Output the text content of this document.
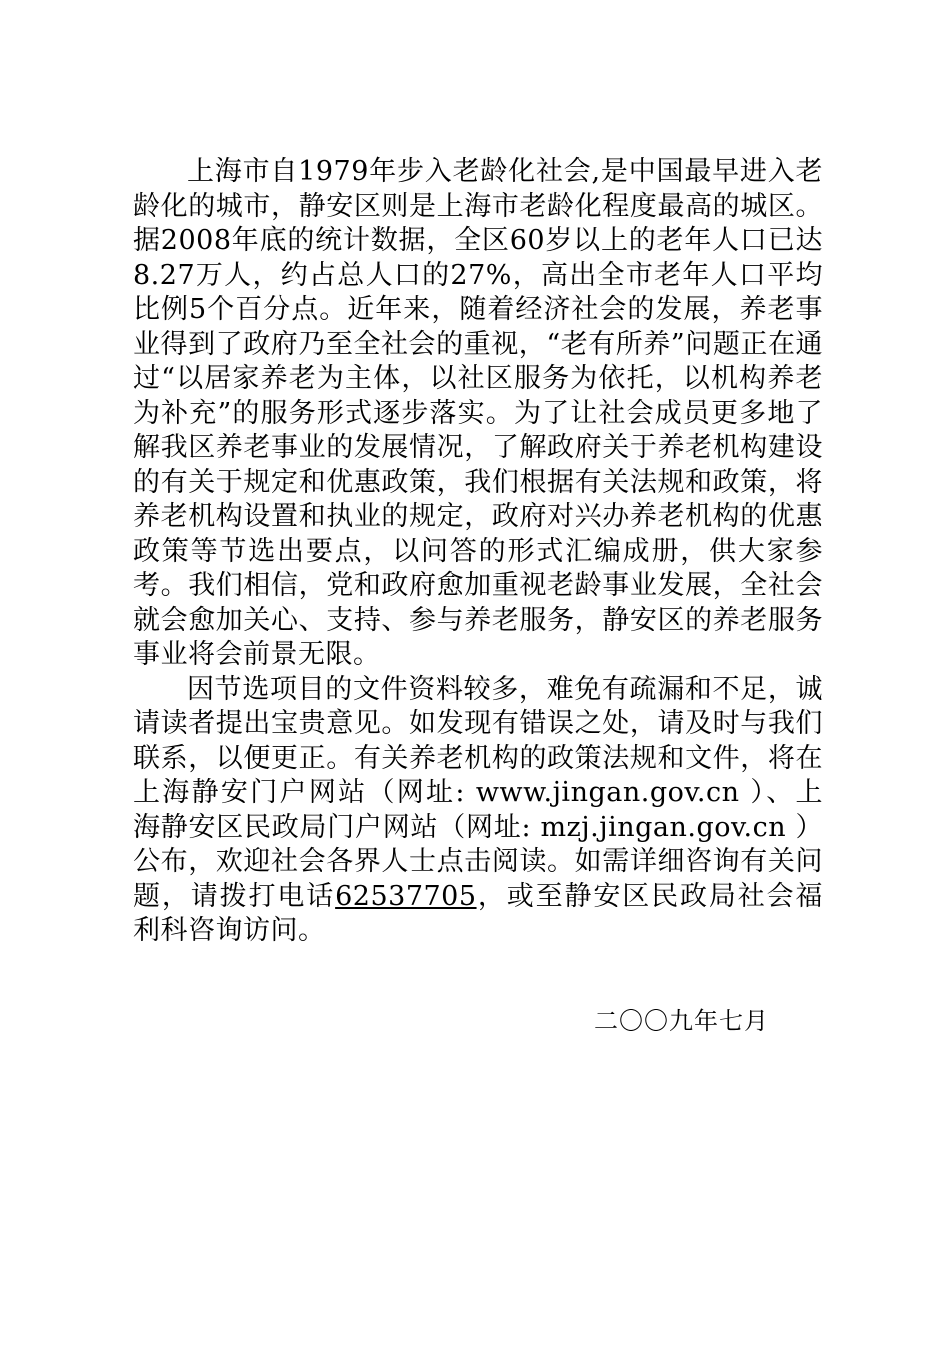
上海市自1979年步入老龄化社会,是中国最早进入老龄化的城市，静安区则是上海市老龄化程度最高的城区。据2008年底的统计数据，全区60岁以上的老年人口已达8.27万人，约占总人口的27%，高出全市老年人口平均比例5个百分点。近年来，随着经济社会的发展，养老事业得到了政府乃至全社会的重视，“老有所养”问题正在通过“以居家养老为主体，以社区服务为依托，以机构养老为补充”的服务形式逐步落实。为了让社会成员更多地了解我区养老事业的发展情况，了解政府关于养老机构建设的有关于规定和优惠政策，我们根据有关法规和政策，将养老机构设置和执业的规定，政府对兴办养老机构的优惠政策等节选出要点，以问答的形式汇编成册，供大家参考。我们相信，党和政府愈加重视老龄事业发展，全社会就会愈加关心、支持、参与养老服务，静安区的养老服务事业将会前景无限。

因节选项目的文件资料较多，难免有疏漏和不足，诚请读者提出宝贵意见。如发现有错误之处，请及时与我们联系，以便更正。有关养老机构的政策法规和文件，将在上海静安门户网站（网址: www.jingan.gov.cn ）、上海静安区民政局门户网站（网址: mzj.jingan.gov.cn ）公布，欢迎社会各界人士点击阅读。如需详细咨询有关问题，请拨打电话62537705，或至静安区民政局社会福利科咨询访问。

二〇〇九年七月
